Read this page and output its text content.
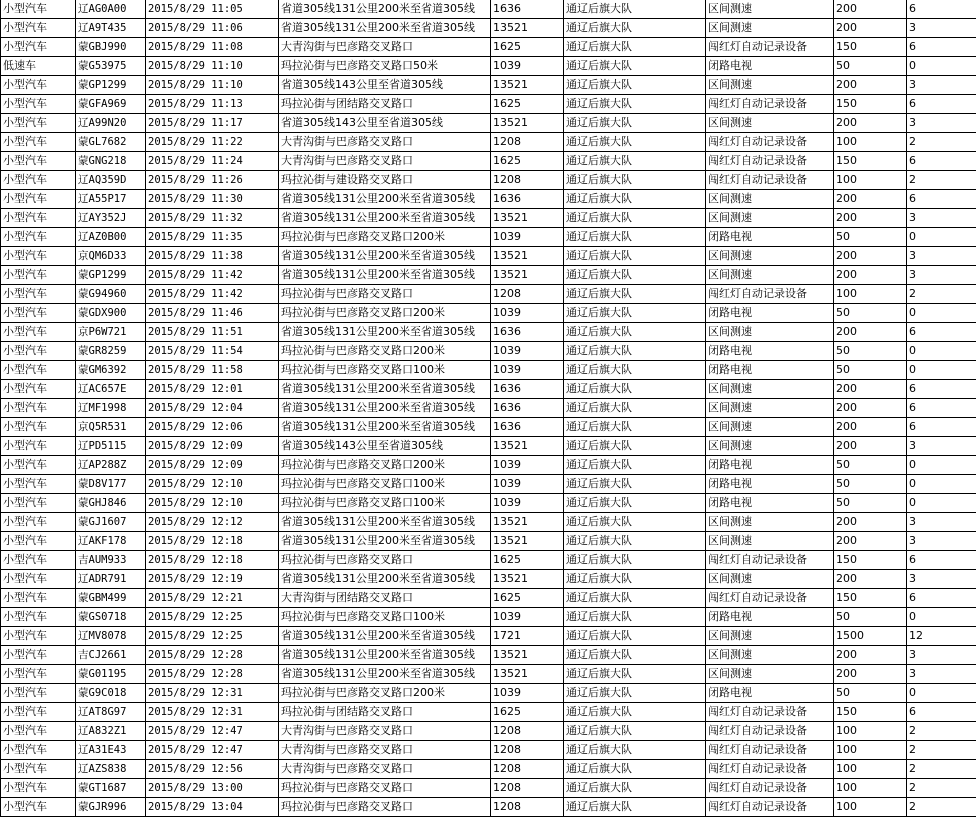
小型汽车	辽AG0A00	2015/8/29 11:05	省道305线131公里200米至省道305线	1636	通辽后旗大队	区间测速	200	6
小型汽车	辽A9T435	2015/8/29 11:06	省道305线131公里200米至省道305线	13521	通辽后旗大队	区间测速	200	3
小型汽车	蒙GBJ990	2015/8/29 11:08	大青沟街与巴彦路交叉路口	1625	通辽后旗大队	闯红灯自动记录设备	150	6
低速车	蒙G53975	2015/8/29 11:10	玛拉沁街与巴彦路交叉路口50米	1039	通辽后旗大队	闭路电视	50	0
小型汽车	蒙GP1299	2015/8/29 11:10	省道305线143公里至省道305线	13521	通辽后旗大队	区间测速	200	3
小型汽车	蒙GFA969	2015/8/29 11:13	玛拉沁街与团结路交叉路口	1625	通辽后旗大队	闯红灯自动记录设备	150	6
小型汽车	辽A99N20	2015/8/29 11:17	省道305线143公里至省道305线	13521	通辽后旗大队	区间测速	200	3
小型汽车	蒙GL7682	2015/8/29 11:22	大青沟街与巴彦路交叉路口	1208	通辽后旗大队	闯红灯自动记录设备	100	2
小型汽车	蒙GNG218	2015/8/29 11:24	大青沟街与巴彦路交叉路口	1625	通辽后旗大队	闯红灯自动记录设备	150	6
小型汽车	辽AQ359D	2015/8/29 11:26	玛拉沁街与建设路交叉路口	1208	通辽后旗大队	闯红灯自动记录设备	100	2
小型汽车	辽A55P17	2015/8/29 11:30	省道305线131公里200米至省道305线	1636	通辽后旗大队	区间测速	200	6
小型汽车	辽AY352J	2015/8/29 11:32	省道305线131公里200米至省道305线	13521	通辽后旗大队	区间测速	200	3
小型汽车	辽AZ0B00	2015/8/29 11:35	玛拉沁街与巴彦路交叉路口200米	1039	通辽后旗大队	闭路电视	50	0
小型汽车	京QM6D33	2015/8/29 11:38	省道305线131公里200米至省道305线	13521	通辽后旗大队	区间测速	200	3
小型汽车	蒙GP1299	2015/8/29 11:42	省道305线131公里200米至省道305线	13521	通辽后旗大队	区间测速	200	3
小型汽车	蒙G94960	2015/8/29 11:42	玛拉沁街与巴彦路交叉路口	1208	通辽后旗大队	闯红灯自动记录设备	100	2
小型汽车	蒙GDX900	2015/8/29 11:46	玛拉沁街与巴彦路交叉路口200米	1039	通辽后旗大队	闭路电视	50	0
小型汽车	京P6W721	2015/8/29 11:51	省道305线131公里200米至省道305线	1636	通辽后旗大队	区间测速	200	6
小型汽车	蒙GR8259	2015/8/29 11:54	玛拉沁街与巴彦路交叉路口200米	1039	通辽后旗大队	闭路电视	50	0
小型汽车	蒙GM6392	2015/8/29 11:58	玛拉沁街与巴彦路交叉路口100米	1039	通辽后旗大队	闭路电视	50	0
小型汽车	辽AC657E	2015/8/29 12:01	省道305线131公里200米至省道305线	1636	通辽后旗大队	区间测速	200	6
小型汽车	辽MF1998	2015/8/29 12:04	省道305线131公里200米至省道305线	1636	通辽后旗大队	区间测速	200	6
小型汽车	京Q5R531	2015/8/29 12:06	省道305线131公里200米至省道305线	1636	通辽后旗大队	区间测速	200	6
小型汽车	辽PD5115	2015/8/29 12:09	省道305线143公里至省道305线	13521	通辽后旗大队	区间测速	200	3
小型汽车	辽AP288Z	2015/8/29 12:09	玛拉沁街与巴彦路交叉路口200米	1039	通辽后旗大队	闭路电视	50	0
小型汽车	蒙D8V177	2015/8/29 12:10	玛拉沁街与巴彦路交叉路口100米	1039	通辽后旗大队	闭路电视	50	0
小型汽车	蒙GHJ846	2015/8/29 12:10	玛拉沁街与巴彦路交叉路口100米	1039	通辽后旗大队	闭路电视	50	0
小型汽车	蒙GJ1607	2015/8/29 12:12	省道305线131公里200米至省道305线	13521	通辽后旗大队	区间测速	200	3
小型汽车	辽AKF178	2015/8/29 12:18	省道305线131公里200米至省道305线	13521	通辽后旗大队	区间测速	200	3
小型汽车	吉AUM933	2015/8/29 12:18	玛拉沁街与巴彦路交叉路口	1625	通辽后旗大队	闯红灯自动记录设备	150	6
小型汽车	辽ADR791	2015/8/29 12:19	省道305线131公里200米至省道305线	13521	通辽后旗大队	区间测速	200	3
小型汽车	蒙GBM499	2015/8/29 12:21	大青沟街与团结路交叉路口	1625	通辽后旗大队	闯红灯自动记录设备	150	6
小型汽车	蒙GS0718	2015/8/29 12:25	玛拉沁街与巴彦路交叉路口100米	1039	通辽后旗大队	闭路电视	50	0
小型汽车	辽MV8078	2015/8/29 12:25	省道305线131公里200米至省道305线	1721	通辽后旗大队	区间测速	1500	12
小型汽车	吉CJ2661	2015/8/29 12:28	省道305线131公里200米至省道305线	13521	通辽后旗大队	区间测速	200	3
小型汽车	蒙G01195	2015/8/29 12:28	省道305线131公里200米至省道305线	13521	通辽后旗大队	区间测速	200	3
小型汽车	蒙G9C018	2015/8/29 12:31	玛拉沁街与巴彦路交叉路口200米	1039	通辽后旗大队	闭路电视	50	0
小型汽车	辽AT8G97	2015/8/29 12:31	玛拉沁街与团结路交叉路口	1625	通辽后旗大队	闯红灯自动记录设备	150	6
小型汽车	辽A832Z1	2015/8/29 12:47	大青沟街与巴彦路交叉路口	1208	通辽后旗大队	闯红灯自动记录设备	100	2
小型汽车	辽A31E43	2015/8/29 12:47	大青沟街与巴彦路交叉路口	1208	通辽后旗大队	闯红灯自动记录设备	100	2
小型汽车	辽AZS838	2015/8/29 12:56	大青沟街与巴彦路交叉路口	1208	通辽后旗大队	闯红灯自动记录设备	100	2
小型汽车	蒙GT1687	2015/8/29 13:00	玛拉沁街与巴彦路交叉路口	1208	通辽后旗大队	闯红灯自动记录设备	100	2
小型汽车	蒙GJR996	2015/8/29 13:04	玛拉沁街与巴彦路交叉路口	1208	通辽后旗大队	闯红灯自动记录设备	100	2
